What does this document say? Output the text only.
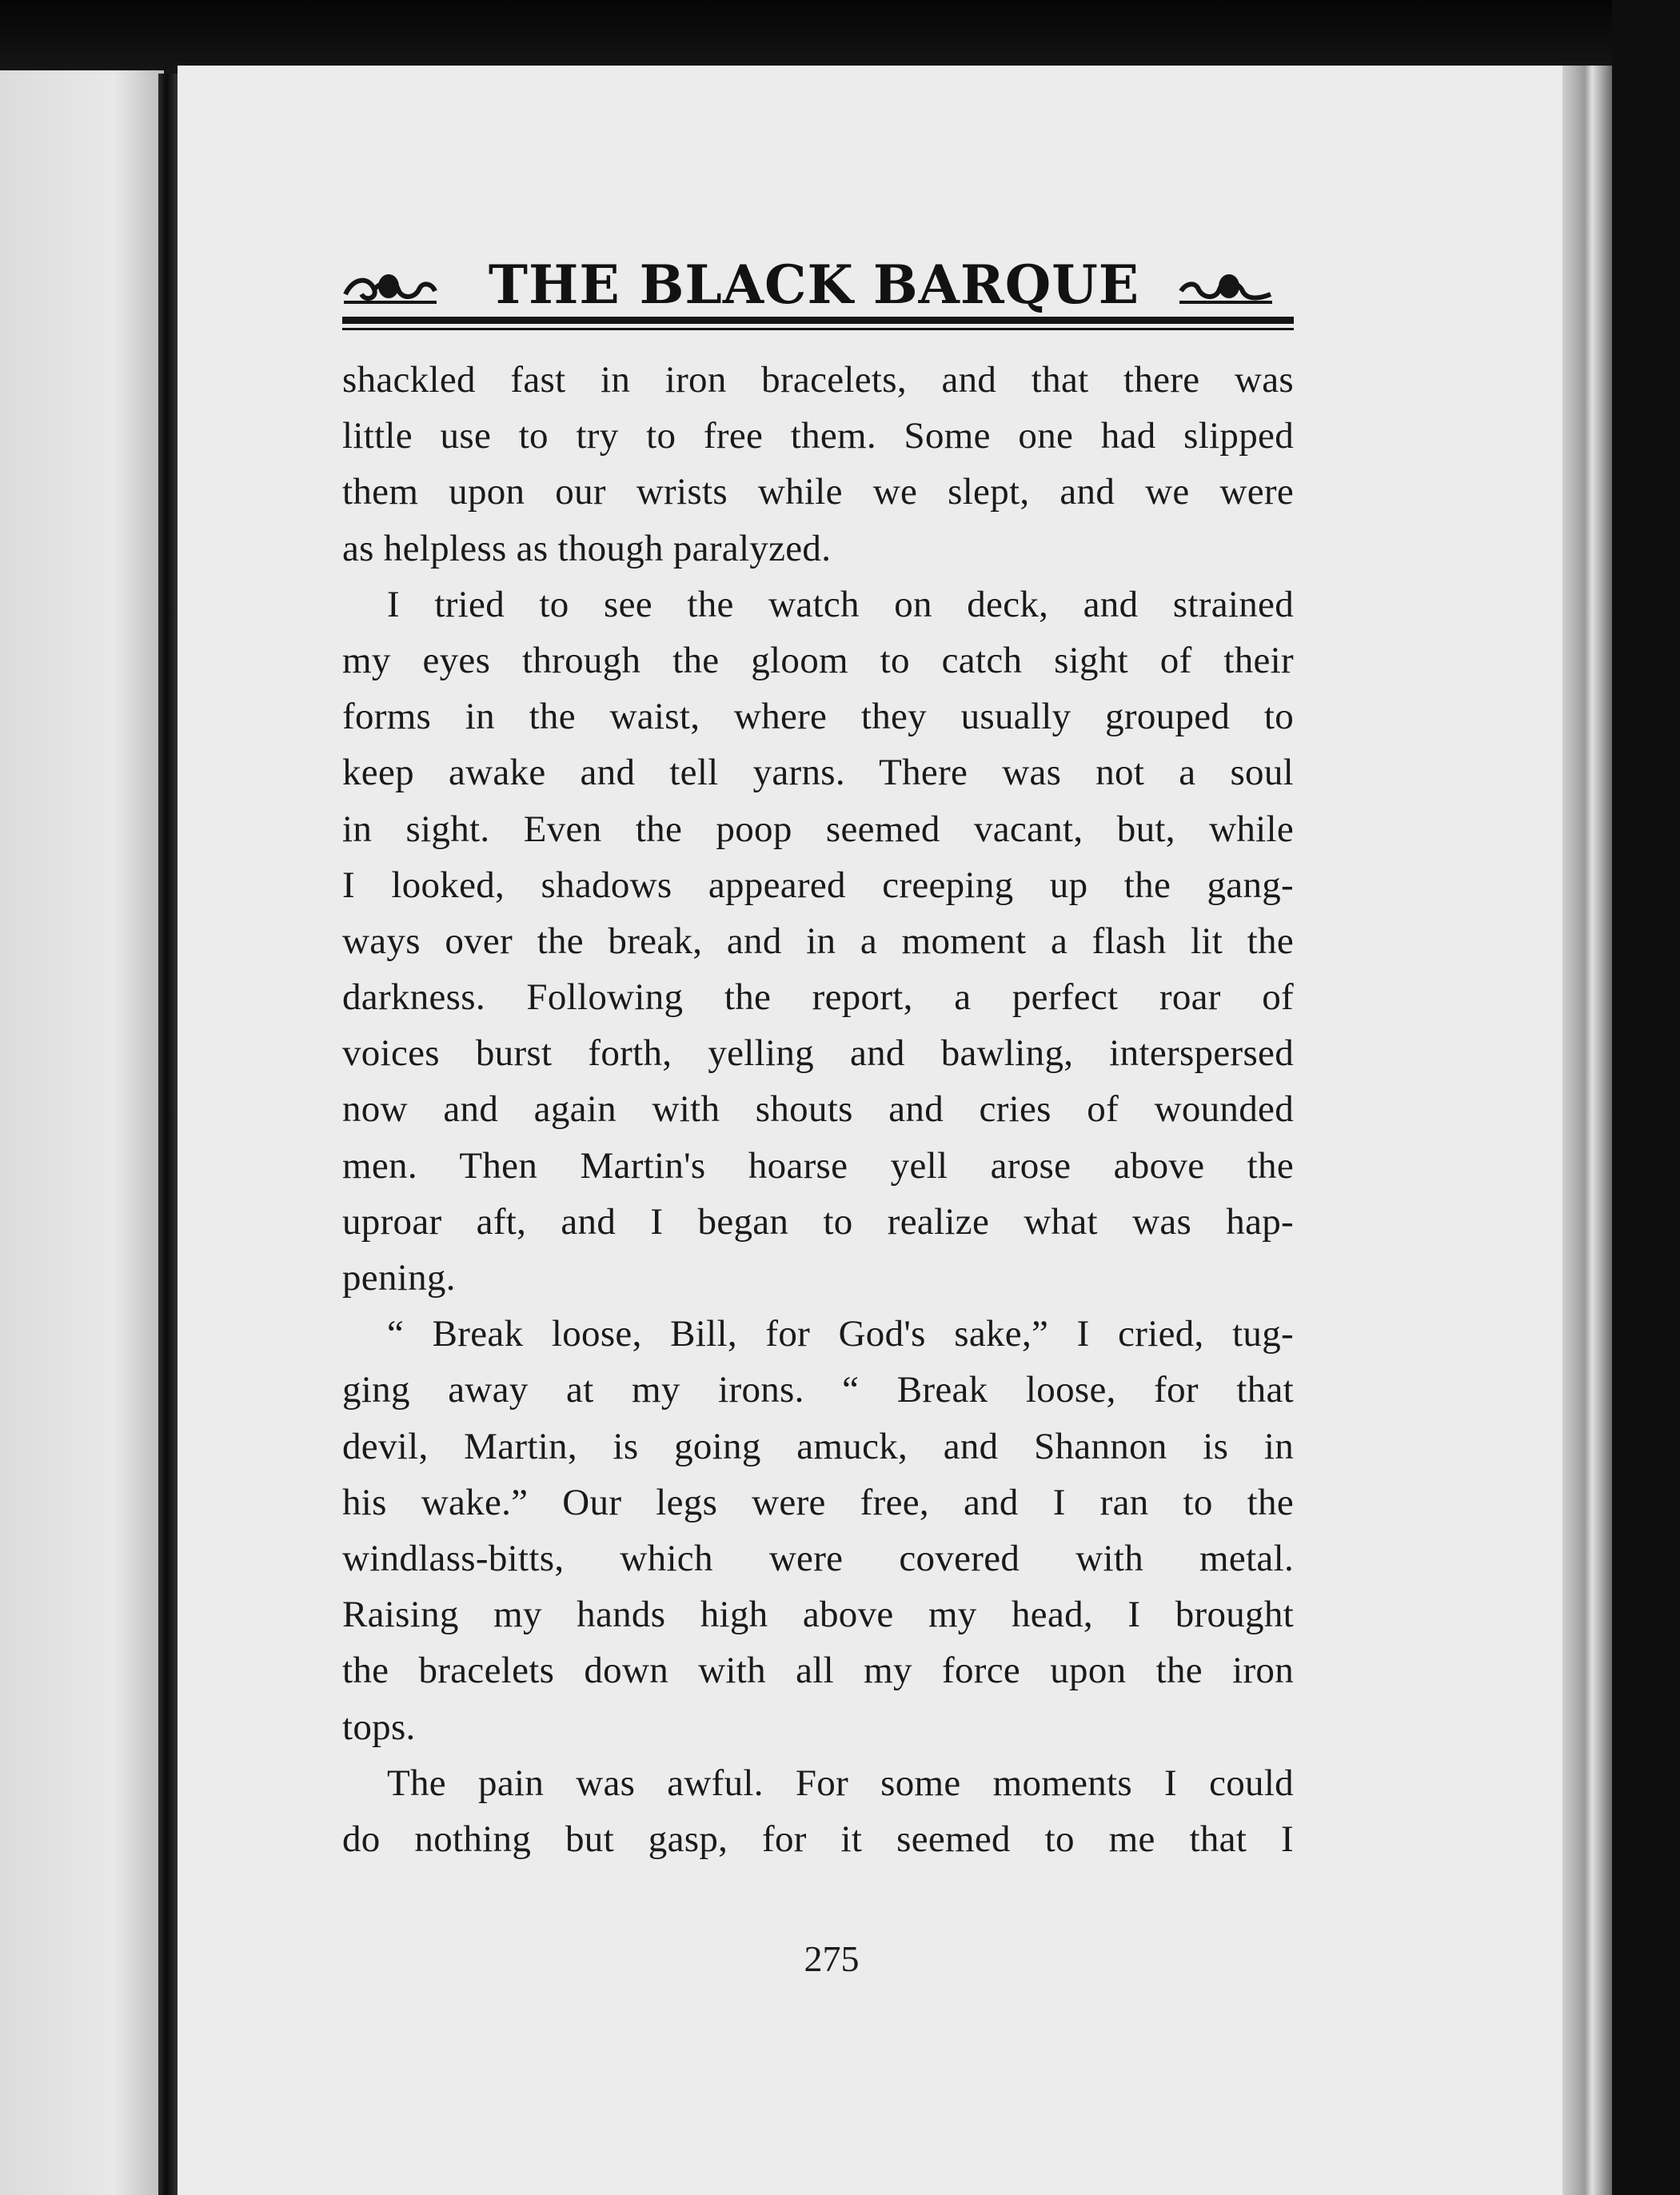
THE BLACK BARQUE
shackled fast in iron bracelets, and that there was
little use to try to free them. Some one had slipped
them upon our wrists while we slept, and we were
as helpless as though paralyzed.
I tried to see the watch on deck, and strained
my eyes through the gloom to catch sight of their
forms in the waist, where they usually grouped to
keep awake and tell yarns. There was not a soul
in sight. Even the poop seemed vacant, but, while
I looked, shadows appeared creeping up the gang-
ways over the break, and in a moment a flash lit the
darkness. Following the report, a perfect roar of
voices burst forth, yelling and bawling, interspersed
now and again with shouts and cries of wounded
men. Then Martin's hoarse yell arose above the
uproar aft, and I began to realize what was hap-
pening.
“ Break loose, Bill, for God's sake,” I cried, tug-
ging away at my irons. “ Break loose, for that
devil, Martin, is going amuck, and Shannon is in
his wake.” Our legs were free, and I ran to the
windlass-bitts, which were covered with metal.
Raising my hands high above my head, I brought
the bracelets down with all my force upon the iron
tops.
The pain was awful. For some moments I could
do nothing but gasp, for it seemed to me that I
275
